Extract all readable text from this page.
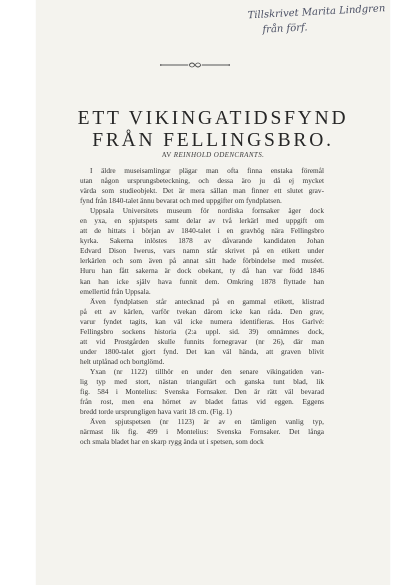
Tillskrivet Marita Lindgren
från förf.
ETT VIKINGATIDSFYND
FRÅN FELLINGSBRO.
AV REINHOLD ODENCRANTS.
I äldre museisamlingar plägar man ofta finna enstaka föremål
utan någon ursprungsbeteckning, och dessa äro ju då ej mycket
värda som studieobjekt. Det är mera sällan man finner ett slutet grav-
fynd från 1840-talet ännu bevarat och med uppgifter om fyndplatsen.
Uppsala Universitets museum för nordiska fornsaker äger dock
en yxa, en spjutspets samt delar av två lerkärl med uppgift om
att de hittats i början av 1840-talet i en gravhög nära Fellingsbro
kyrka. Sakerna inlöstes 1878 av dåvarande kandidaten Johan
Edvard Dison Iwerus, vars namn står skrivet på en etikett under
lerkärlen och som även på annat sätt hade förbindelse med muséet.
Huru han fått sakerna är dock obekant, ty då han var född 1846
kan han icke själv hava funnit dem. Omkring 1878 flyttade han
emellertid från Uppsala.
Även fyndplatsen står antecknad på en gammal etikett, klistrad
på ett av kärlen, varför tvekan därom icke kan råda. Den grav,
varur fyndet tagits, kan väl icke numera identifieras. Hos Garlvé:
Fellingsbro sockens historia (2:a uppl. sid. 39) omnämnes dock,
att vid Prostgården skulle funnits fornegravar (nr 26), där man
under 1800-talet gjort fynd. Det kan väl hända, att graven blivit
helt utplånad och bortglömd.
Yxan (nr 1122) tillhör en under den senare vikingatiden van-
lig typ med stort, nästan triangulärt och ganska tunt blad, lik
fig. 584 i Montelius: Svenska Fornsaker. Den är rätt väl bevarad
från rost, men ena hörnet av bladet fattas vid eggen. Eggens
bredd torde ursprungligen hava varit 18 cm. (Fig. 1)
Även spjutspetsen (nr 1123) är av en tämligen vanlig typ,
närmast lik fig. 499 i Montelius: Svenska Fornsaker. Det långa
och smala bladet har en skarp rygg ända ut i spetsen, som dock
